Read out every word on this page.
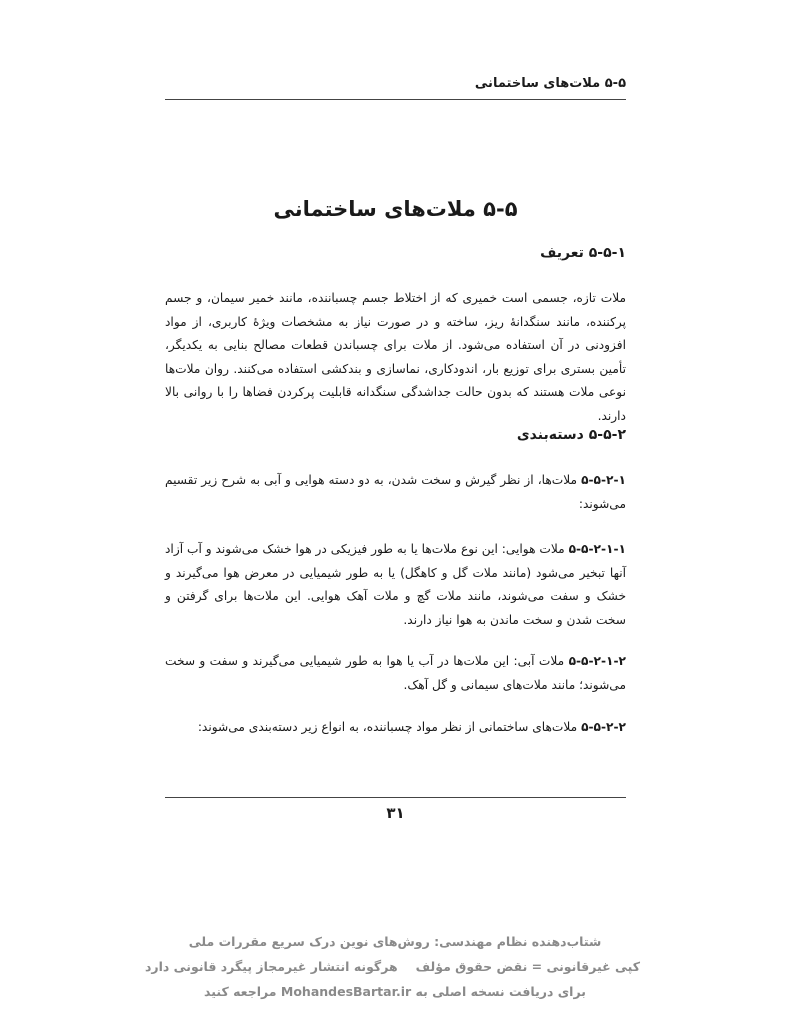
۵-۵ ملات‌های ساختمانی
۵-۵ ملات‌های ساختمانی
۵-۵-۱ تعریف
ملات تازه، جسمی است خمیری که از اختلاط جسم چسباننده، مانند خمیر سیمان، و جسم پرکننده، مانند سنگدانهٔ ریز، ساخته و در صورت نیاز به مشخصات ویژهٔ کاربری، از مواد افزودنی در آن استفاده می‌شود. از ملات برای چسباندن قطعات مصالح بنایی به یکدیگر، تأمین بستری برای توزیع بار، اندودکاری، نماسازی و بندکشی استفاده می‌کنند. روان ملات‌ها نوعی ملات هستند که بدون حالت جداشدگی سنگدانه قابلیت پرکردن فضاها را با روانی بالا دارند.
۵-۵-۲ دسته‌بندی
۵-۵-۲-۱ ملات‌ها، از نظر گیرش و سخت شدن، به دو دسته هوایی و آبی به شرح زیر تقسیم می‌شوند:
۵-۵-۲-۱-۱ ملات هوایی: این نوع ملات‌ها یا به طور فیزیکی در هوا خشک می‌شوند و آب آزاد آنها تبخیر می‌شود (مانند ملات گل و کاهگل) یا به طور شیمیایی در معرض هوا می‌گیرند و خشک و سفت می‌شوند، مانند ملات گچ و ملات آهک هوایی. این ملات‌ها برای گرفتن و سخت شدن و سخت ماندن به هوا نیاز دارند.
۵-۵-۲-۱-۲ ملات آبی: این ملات‌ها در آب یا هوا به طور شیمیایی می‌گیرند و سفت و سخت می‌شوند؛ مانند ملات‌های سیمانی و گل آهک.
۵-۵-۲-۲ ملات‌های ساختمانی از نظر مواد چسباننده، به انواع زیر دسته‌بندی می‌شوند:
۳۱
شتاب‌دهنده نظام مهندسی: روش‌های نوین درک سریع مقررات ملی
کپی غیرقانونی = نقض حقوق مؤلفهرگونه انتشار غیرمجاز پیگرد قانونی دارد
برای دریافت نسخه اصلی به MohandesBartar.ir مراجعه کنید
